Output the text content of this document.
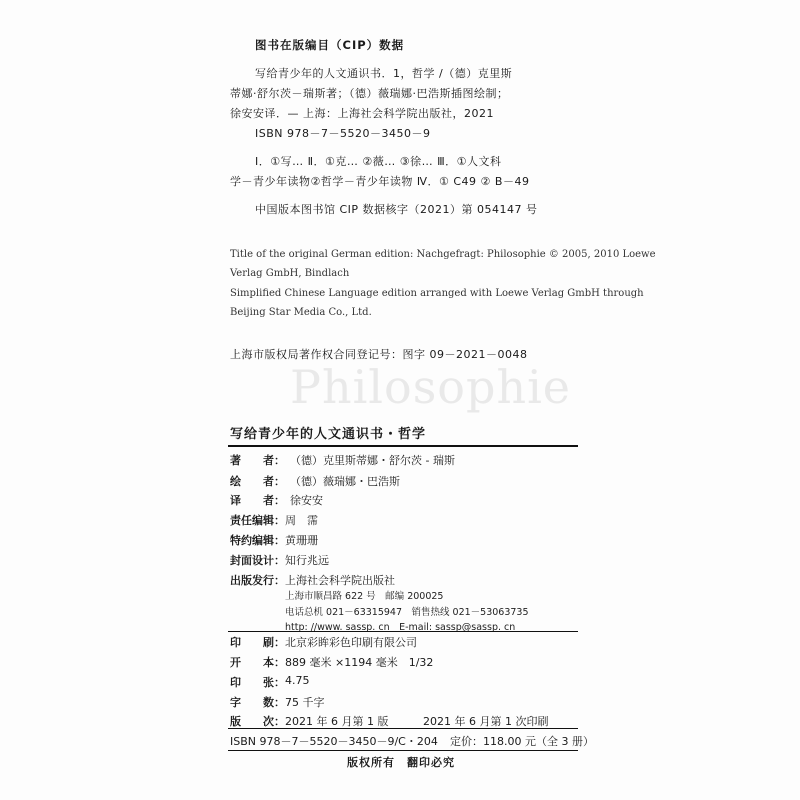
Philosophie
图书在版编目（CIP）数据
写给青少年的人文通识书．1，哲学 /（德）克里斯
蒂娜·舒尔茨－瑞斯著；（德）薇瑞娜·巴浩斯插图绘制；
徐安安译．— 上海：上海社会科学院出版社，2021
ISBN 978－7－5520－3450－9
Ⅰ．①写… Ⅱ．①克… ②薇… ③徐… Ⅲ．①人文科
学－青少年读物②哲学－青少年读物 Ⅳ．① C49 ② B－49
中国版本图书馆 CIP 数据核字（2021）第 054147 号
Title of the original German edition: Nachgefragt: Philosophie © 2005, 2010 Loewe
Verlag GmbH, Bindlach
Simplified Chinese Language edition arranged with Loewe Verlag GmbH through
Beijing Star Media Co., Ltd.
上海市版权局著作权合同登记号：图字 09－2021－0048
写给青少年的人文通识书・哲学
著　　者： （德）克里斯蒂娜・舒尔茨 - 瑞斯
绘　　者： （德）薇瑞娜・巴浩斯
译　　者： 徐安安
责任编辑： 周　霈
特约编辑： 黄珊珊
封面设计： 知行兆远
出版发行： 上海社会科学院出版社
上海市顺昌路 622 号　邮编 200025
电话总机 021－63315947　销售热线 021－53063735
http: //www. sassp. cn　E-mail: sassp@sassp. cn
印　　刷： 北京彩眸彩色印刷有限公司
开　　本： 889 毫米 ×1194 毫米　1/32
印　　张： 4.75
字　　数： 75 千字
版　　次： 2021 年 6 月第 1 版	2021 年 6 月第 1 次印刷
ISBN 978－7－5520－3450－9/C・204 定价：118.00 元（全 3 册）
版权所有 翻印必究
